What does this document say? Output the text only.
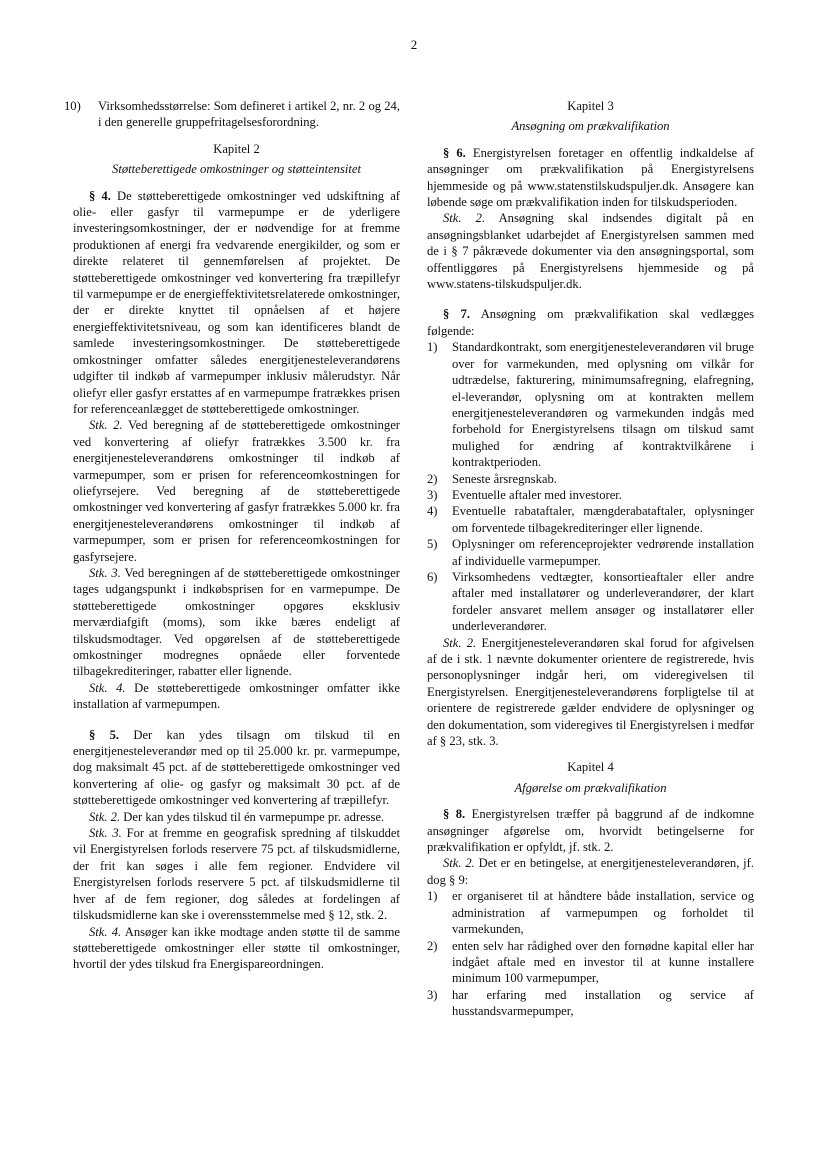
2
10) Virksomhedsstørrelse: Som defineret i artikel 2, nr. 2 og 24, i den generelle gruppefritagelsesforordning.

Kapitel 2

Støtteberettigede omkostninger og støtteintensitet

§ 4. De støtteberettigede omkostninger ved udskiftning af olie- eller gasfyr til varmepumpe er de yderligere investeringsomkostninger, der er nødvendige for at fremme produktionen af energi fra vedvarende energikilder, og som er direkte relateret til gennemførelsen af projektet. De støtteberettigede omkostninger ved konvertering fra træpillefyr til varmepumpe er de energieffektivitetsrelaterede omkostninger, der er direkte knyttet til opnåelsen af et højere energieffektivitetsniveau, og som kan identificeres blandt de samlede investeringsomkostninger. De støtteberettigede omkostninger omfatter således energitjenesteleverandørens udgifter til indkøb af varmepumper inklusiv målerudstyr. Når oliefyr eller gasfyr erstattes af en varmepumpe fratrækkes prisen for referenceanlægget de støtteberettigede omkostninger.

Stk. 2. Ved beregning af de støtteberettigede omkostninger ved konvertering af oliefyr fratrækkes 3.500 kr. fra energitjenesteleverandørens omkostninger til indkøb af varmepumper, som er prisen for referenceomkostningen for oliefyrsejere. Ved beregning af de støtteberettigede omkostninger ved konvertering af gasfyr fratrækkes 5.000 kr. fra energitjenesteleverandørens omkostninger til indkøb af varmepumper, som er prisen for referenceomkostningen for gasfyrsejere.

Stk. 3. Ved beregningen af de støtteberettigede omkostninger tages udgangspunkt i indkøbsprisen for en varmepumpe. De støtteberettigede omkostninger opgøres eksklusiv merværdiafgift (moms), som ikke bæres endeligt af tilskudsmodtager. Ved opgørelsen af de støtteberettigede omkostninger modregnes opnåede eller forventede tilbagekrediteringer, rabatter eller lignende.

Stk. 4. De støtteberettigede omkostninger omfatter ikke installation af varmepumpen.

§ 5. Der kan ydes tilsagn om tilskud til en energitjenesteleverandør med op til 25.000 kr. pr. varmepumpe, dog maksimalt 45 pct. af de støtteberettigede omkostninger ved konvertering af olie- og gasfyr og maksimalt 30 pct. af de støtteberettigede omkostninger ved konvertering af træpillefyr.

Stk. 2. Der kan ydes tilskud til én varmepumpe pr. adresse.

Stk. 3. For at fremme en geografisk spredning af tilskuddet vil Energistyrelsen forlods reservere 75 pct. af tilskudsmidlerne, der frit kan søges i alle fem regioner. Endvidere vil Energistyrelsen forlods reservere 5 pct. af tilskudsmidlerne til hver af de fem regioner, dog således at fordelingen af tilskudsmidlerne kan ske i overensstemmelse med § 12, stk. 2.

Stk. 4. Ansøger kan ikke modtage anden støtte til de samme støtteberettigede omkostninger eller støtte til omkostninger, hvortil der ydes tilskud fra Energispareordningen.

Kapitel 3

Ansøgning om prækvalifikation

§ 6. Energistyrelsen foretager en offentlig indkaldelse af ansøgninger om prækvalifikation på Energistyrelsens hjemmeside og på www.statenstilskudspuljer.dk. Ansøgere kan løbende søge om prækvalifikation inden for tilskudsperioden.

Stk. 2. Ansøgning skal indsendes digitalt på en ansøgningsblanket udarbejdet af Energistyrelsen sammen med de i § 7 påkrævede dokumenter via den ansøgningsportal, som offentliggøres på Energistyrelsens hjemmeside og på www.statens-tilskudspuljer.dk.

§ 7. Ansøgning om prækvalifikation skal vedlægges følgende:

1) Standardkontrakt, som energitjenesteleverandøren vil bruge over for varmekunden, med oplysning om vilkår for udtrædelse, fakturering, minimumsafregning, elafregning, el-leverandør, oplysning om at kontrakten mellem energitjenesteleverandøren og varmekunden indgås med forbehold for Energistyrelsens tilsagn om tilskud samt mulighed for ændring af kontraktvilkårene i kontraktperioden.
2) Seneste årsregnskab.
3) Eventuelle aftaler med investorer.
4) Eventuelle rabataftaler, mængderabataftaler, oplysninger om forventede tilbagekrediteringer eller lignende.
5) Oplysninger om referenceprojekter vedrørende installation af individuelle varmepumper.
6) Virksomhedens vedtægter, konsortieaftaler eller andre aftaler med installatører og underleverandører, der klart fordeler ansvaret mellem ansøger og installatører eller underleverandører.

Stk. 2. Energitjenesteleverandøren skal forud for afgivelsen af de i stk. 1 nævnte dokumenter orientere de registrerede, hvis personoplysninger indgår heri, om videregivelsen til Energistyrelsen. Energitjenesteleverandørens forpligtelse til at orientere de registrerede gælder endvidere de oplysninger og den dokumentation, som videregives til Energistyrelsen i medfør af § 23, stk. 3.

Kapitel 4

Afgørelse om prækvalifikation

§ 8. Energistyrelsen træffer på baggrund af de indkomne ansøgninger afgørelse om, hvorvidt betingelserne for prækvalifikation er opfyldt, jf. stk. 2.

Stk. 2. Det er en betingelse, at energitjenesteleverandøren, jf. dog § 9:

1) er organiseret til at håndtere både installation, service og administration af varmepumpen og forholdet til varmekunden,
2) enten selv har rådighed over den fornødne kapital eller har indgået aftale med en investor til at kunne installere minimum 100 varmepumper,
3) har erfaring med installation og service af husstandsvarmepumper,
